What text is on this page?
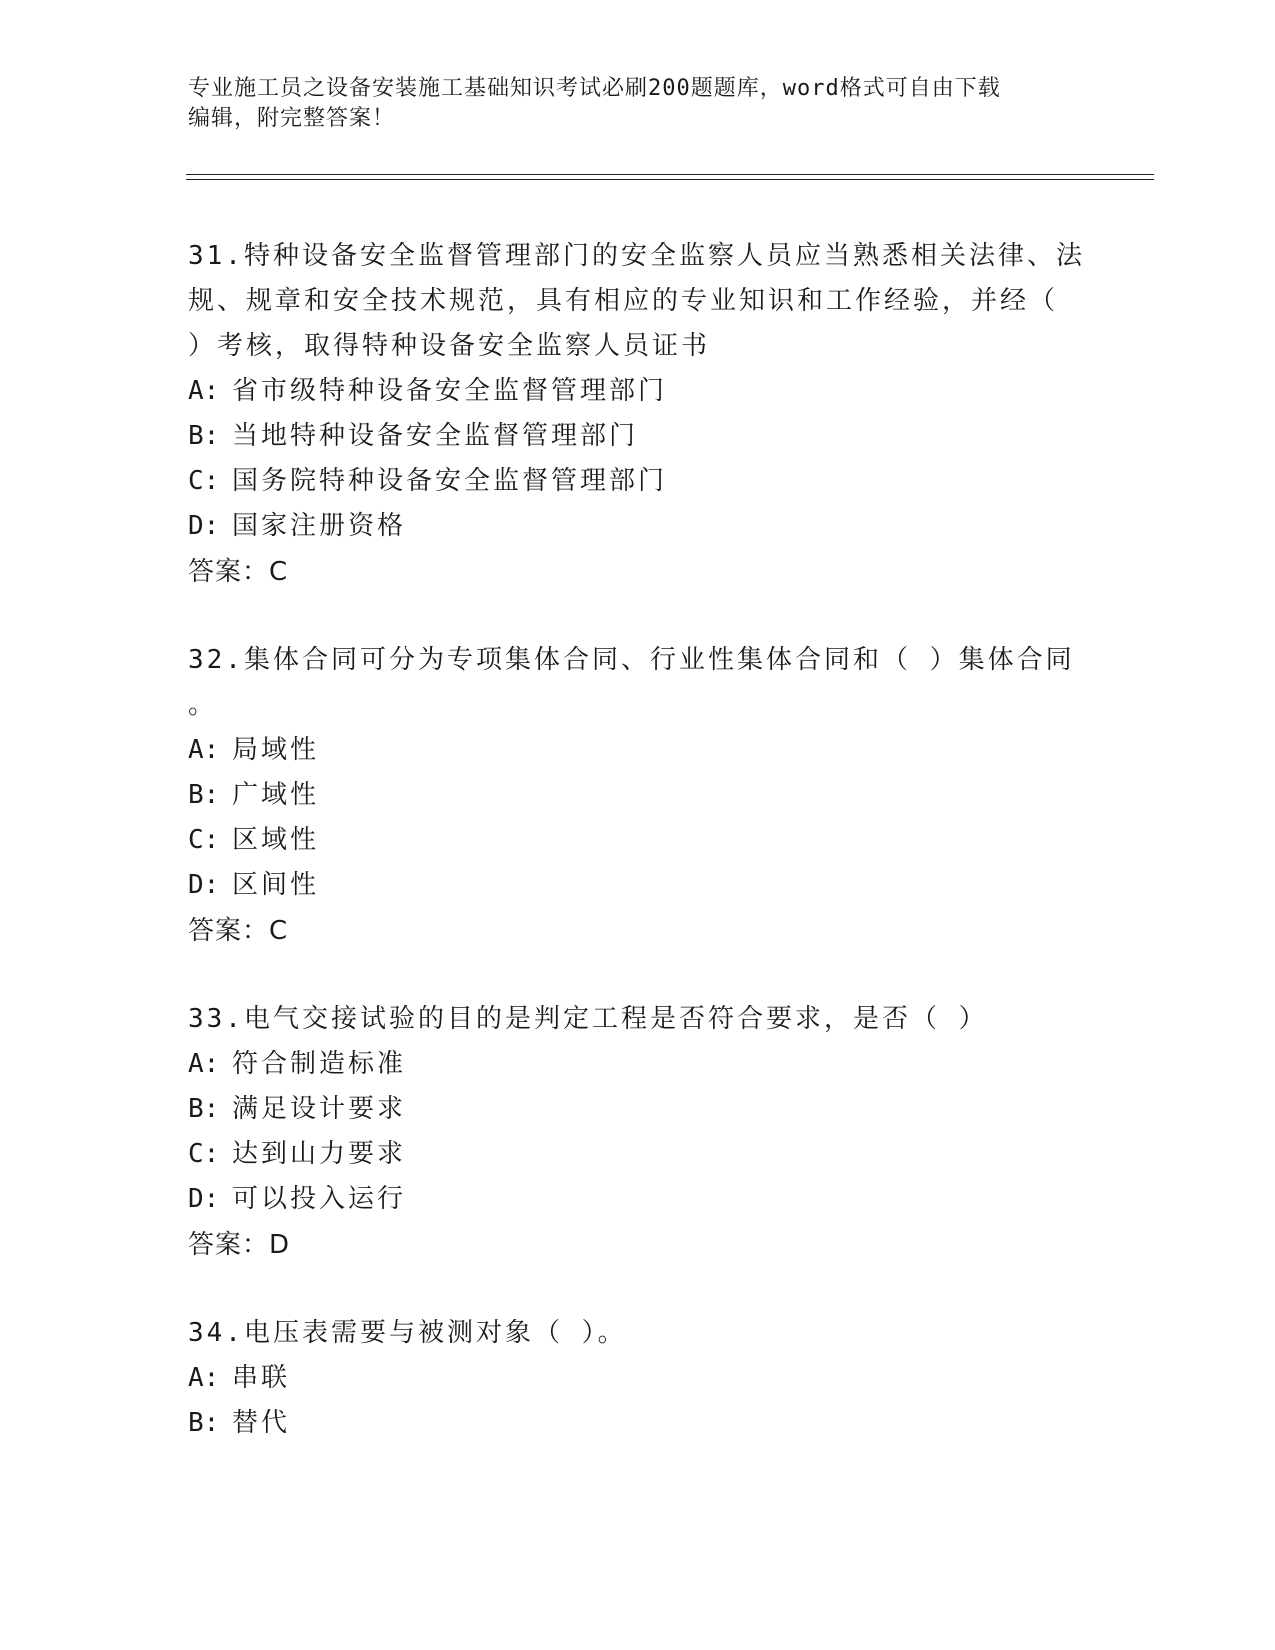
专业施工员之设备安装施工基础知识考试必刷200题题库，word格式可自由下载
编辑，附完整答案！
31.特种设备安全监督管理部门的安全监察人员应当熟悉相关法律、法
规、规章和安全技术规范，具有相应的专业知识和工作经验，并经（
）考核，取得特种设备安全监察人员证书
A: 省市级特种设备安全监督管理部门
B: 当地特种设备安全监督管理部门
C: 国务院特种设备安全监督管理部门
D: 国家注册资格
答案：C
32.集体合同可分为专项集体合同、行业性集体合同和（ ）集体合同
。
A: 局域性
B: 广域性
C: 区域性
D: 区间性
答案：C
33.电气交接试验的目的是判定工程是否符合要求，是否（ ）
A: 符合制造标准
B: 满足设计要求
C: 达到山力要求
D: 可以投入运行
答案：D
34.电压表需要与被测对象（ ）。
A: 串联
B: 替代
